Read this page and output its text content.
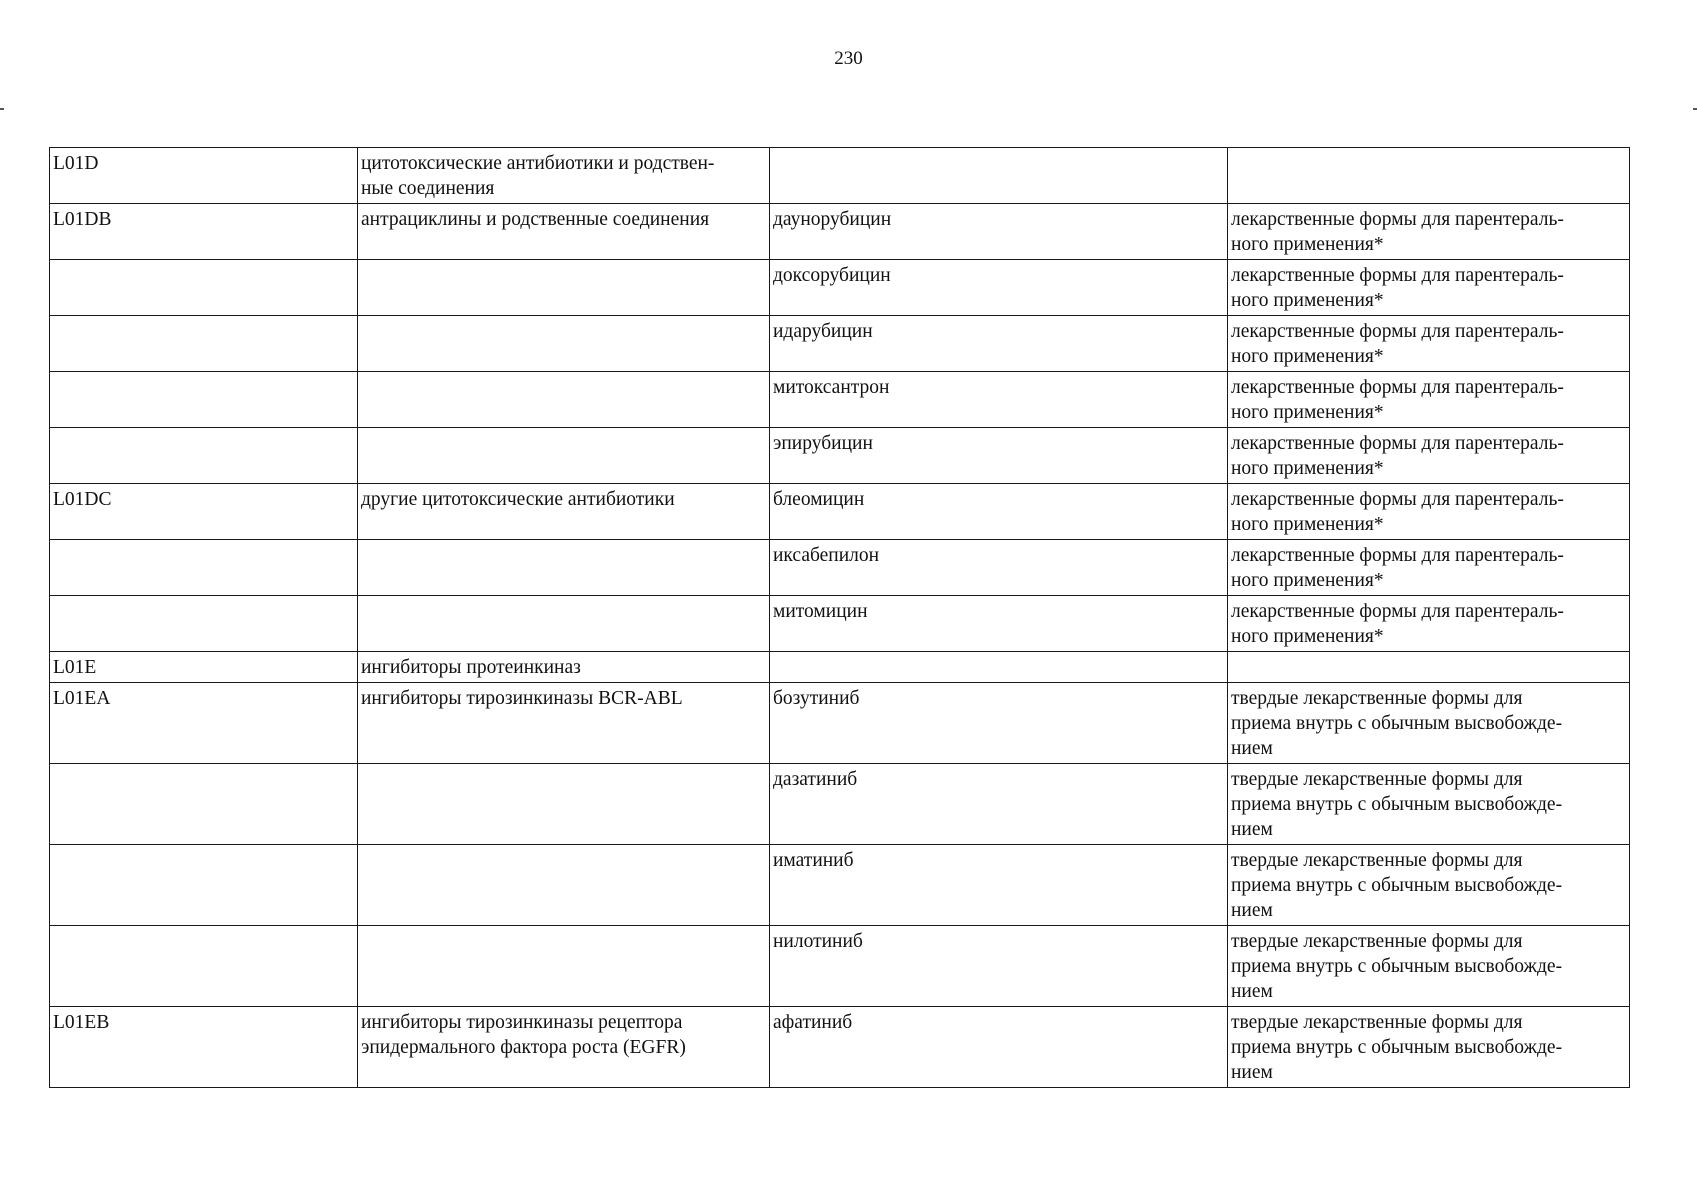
230
L01D	цитотоксические антибиотики и родствен-
ные соединения		
L01DB	антрациклины и родственные соединения	даунорубицин	лекарственные формы для парентераль-
ного применения*
		доксорубицин	лекарственные формы для парентераль-
ного применения*
		идарубицин	лекарственные формы для парентераль-
ного применения*
		митоксантрон	лекарственные формы для парентераль-
ного применения*
		эпирубицин	лекарственные формы для парентераль-
ного применения*
L01DC	другие цитотоксические антибиотики	блеомицин	лекарственные формы для парентераль-
ного применения*
		иксабепилон	лекарственные формы для парентераль-
ного применения*
		митомицин	лекарственные формы для парентераль-
ного применения*
L01E	ингибиторы протеинкиназ		
L01EA	ингибиторы тирозинкиназы BCR-ABL	бозутиниб	твердые лекарственные формы для
приема внутрь с обычным высвобожде-
нием
		дазатиниб	твердые лекарственные формы для
приема внутрь с обычным высвобожде-
нием
		иматиниб	твердые лекарственные формы для
приема внутрь с обычным высвобожде-
нием
		нилотиниб	твердые лекарственные формы для
приема внутрь с обычным высвобожде-
нием
L01EB	ингибиторы тирозинкиназы рецептора
эпидермального фактора роста (EGFR)	афатиниб	твердые лекарственные формы для
приема внутрь с обычным высвобожде-
нием
